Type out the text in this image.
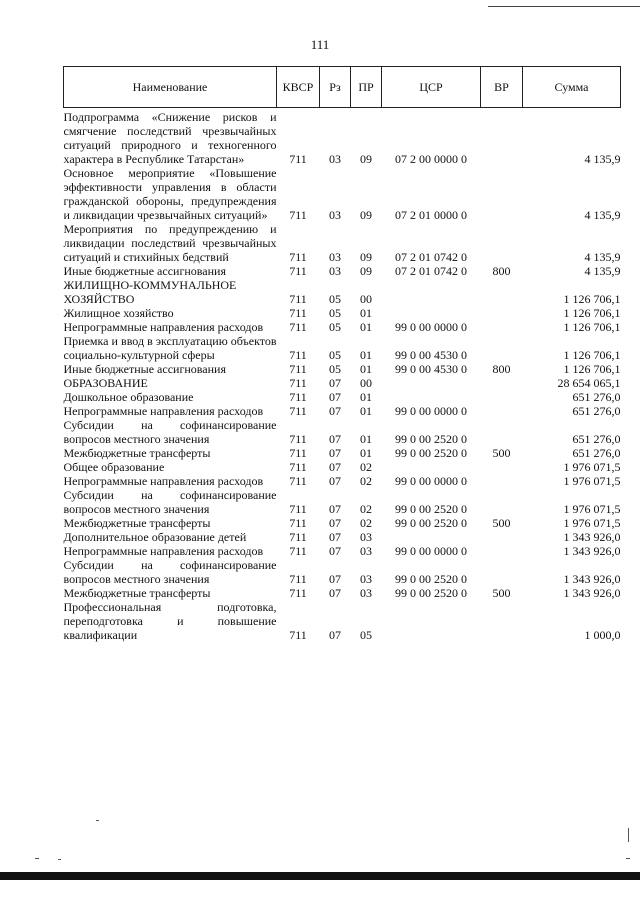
111
Наименование	КВСР	Рз	ПР	ЦСР	ВР	Сумма

Подпрограмма «Снижение рисков и смягчение последствий чрезвычайных ситуаций природного и техногенного характера в Республике Татарстан»	711	03	09	07 2 00 0000 0		4 135,9

Основное мероприятие «Повышение эффективности управления в области гражданской обороны, предупреждения и ликвидации чрезвычайных ситуаций»	711	03	09	07 2 01 0000 0		4 135,9

Мероприятия по предупреждению и ликвидации последствий чрезвычайных ситуаций и стихийных бедствий	711	03	09	07 2 01 0742 0		4 135,9

Иные бюджетные ассигнования	711	03	09	07 2 01 0742 0	800	4 135,9

ЖИЛИЩНО-КОММУНАЛЬНОЕ ХОЗЯЙСТВО	711	05	00			1 126 706,1

Жилищное хозяйство	711	05	01			1 126 706,1

Непрограммные направления расходов	711	05	01	99 0 00 0000 0		1 126 706,1

Приемка и ввод в эксплуатацию объектов социально-культурной сферы	711	05	01	99 0 00 4530 0		1 126 706,1

Иные бюджетные ассигнования	711	05	01	99 0 00 4530 0	800	1 126 706,1

ОБРАЗОВАНИЕ	711	07	00			28 654 065,1

Дошкольное образование	711	07	01			651 276,0

Непрограммные направления расходов	711	07	01	99 0 00 0000 0		651 276,0

Субсидии на софинансирование вопросов местного значения	711	07	01	99 0 00 2520 0		651 276,0

Межбюджетные трансферты	711	07	01	99 0 00 2520 0	500	651 276,0

Общее образование	711	07	02			1 976 071,5

Непрограммные направления расходов	711	07	02	99 0 00 0000 0		1 976 071,5

Субсидии на софинансирование вопросов местного значения	711	07	02	99 0 00 2520 0		1 976 071,5

Межбюджетные трансферты	711	07	02	99 0 00 2520 0	500	1 976 071,5

Дополнительное образование детей	711	07	03			1 343 926,0

Непрограммные направления расходов	711	07	03	99 0 00 0000 0		1 343 926,0

Субсидии на софинансирование вопросов местного значения	711	07	03	99 0 00 2520 0		1 343 926,0

Межбюджетные трансферты	711	07	03	99 0 00 2520 0	500	1 343 926,0

Профессиональная подготовка, переподготовка и повышение квалификации	711	07	05			1 000,0
